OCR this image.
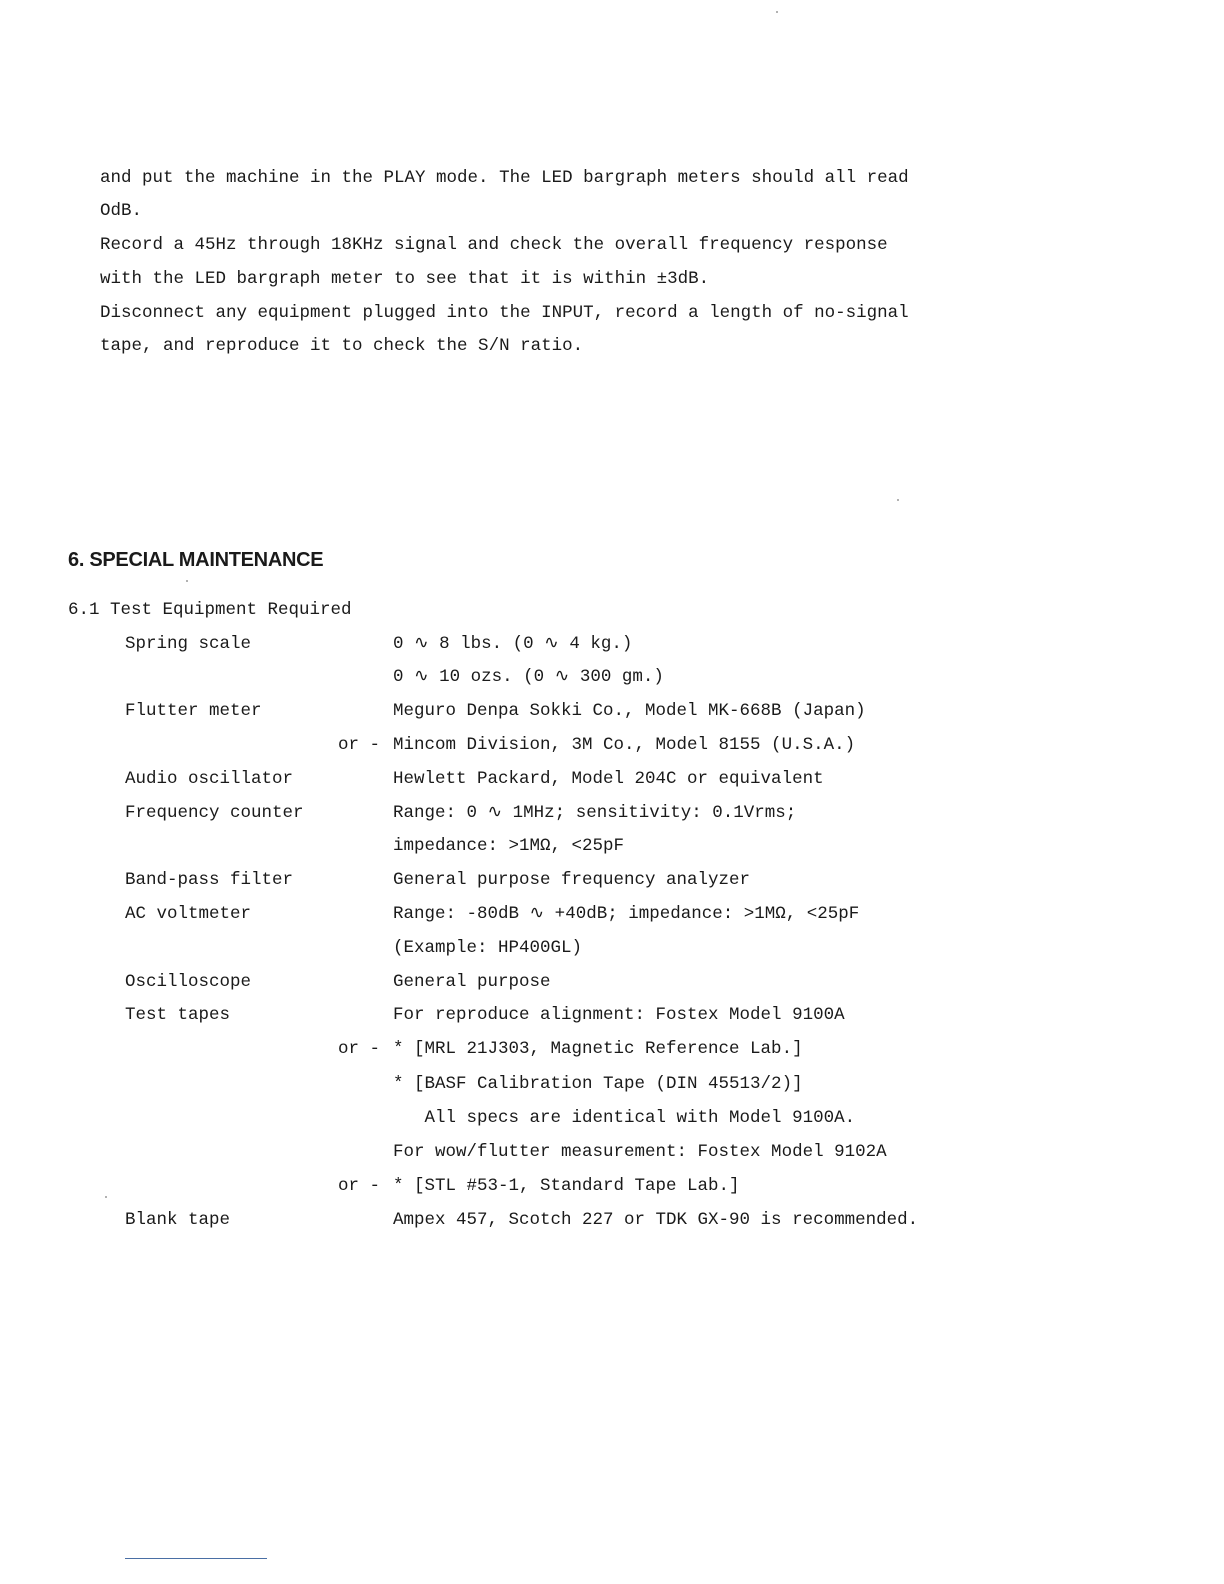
and put the machine in the PLAY mode. The LED bargraph meters should all read
OdB.
Record a 45Hz through 18KHz signal and check the overall frequency response
with the LED bargraph meter to see that it is within ±3dB.
Disconnect any equipment plugged into the INPUT, record a length of no-signal
tape, and reproduce it to check the S/N ratio.
6. SPECIAL MAINTENANCE
6.1 Test Equipment Required
Spring scale	0 ∿ 8 lbs. (0 ∿ 4 kg.)
0 ∿ 10 ozs. (0 ∿ 300 gm.)
Flutter meter	Meguro Denpa Sokki Co., Model MK-668B (Japan)
or - Mincom Division, 3M Co., Model 8155 (U.S.A.)
Audio oscillator	Hewlett Packard, Model 204C or equivalent
Frequency counter	Range: 0 ∿ 1MHz; sensitivity: 0.1Vrms;
impedance: >1MΩ, <25pF
Band-pass filter	General purpose frequency analyzer
AC voltmeter	Range: -80dB ∿ +40dB; impedance: >1MΩ, <25pF
(Example: HP400GL)
Oscilloscope	General purpose
Test tapes	For reproduce alignment: Fostex Model 9100A
or - * [MRL 21J303, Magnetic Reference Lab.]
* [BASF Calibration Tape (DIN 45513/2)]
All specs are identical with Model 9100A.
For wow/flutter measurement: Fostex Model 9102A
or - * [STL #53-1, Standard Tape Lab.]
Blank tape	Ampex 457, Scotch 227 or TDK GX-90 is recommended.
